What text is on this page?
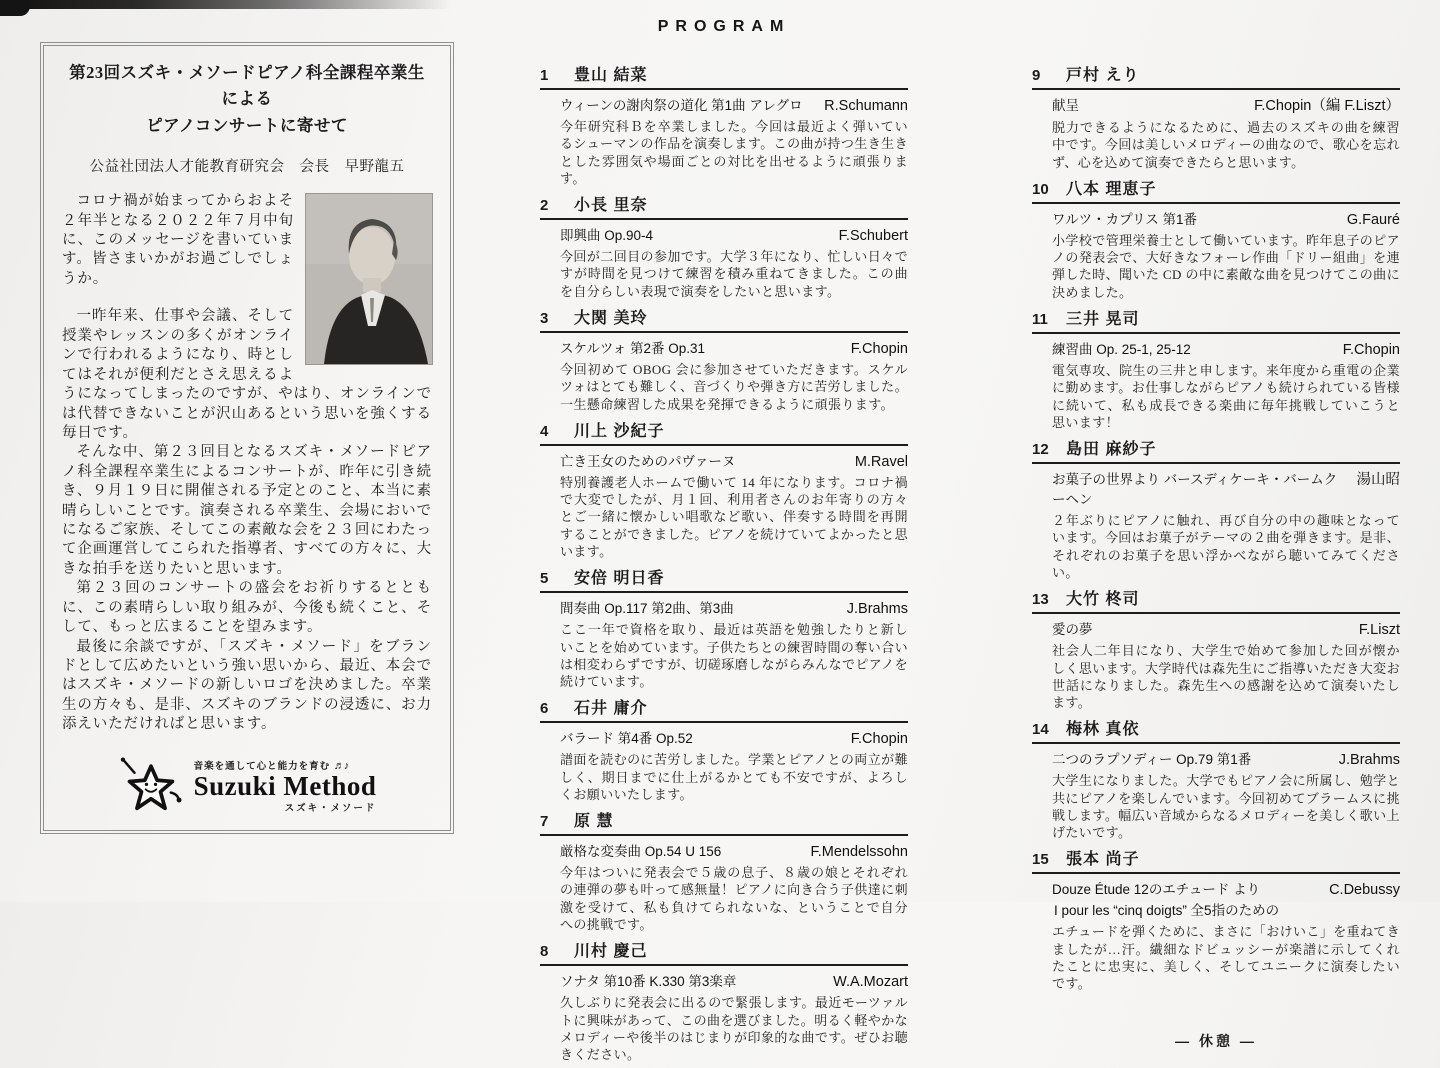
第23回スズキ・メソードピアノ科全課程卒業生による
ピアノコンサートに寄せて
公益社団法人才能教育研究会　会長　早野龍五

コロナ禍が始まってからおよそ２年半となる２０２２年７月中旬に、このメッセージを書いています。皆さまいかがお過ごしでしょうか。

一昨年来、仕事や会議、そして授業やレッスンの多くがオンラインで行われるようになり、時としてはそれが便利だとさえ思えるようになってしまったのですが、やはり、オンラインでは代替できないことが沢山あるという思いを強くする毎日です。

そんな中、第２３回目となるスズキ・メソードピアノ科全課程卒業生によるコンサートが、昨年に引き続き、９月１９日に開催される予定とのこと、本当に素晴らしいことです。演奏される卒業生、会場においでになるご家族、そしてこの素敵な会を２３回にわたって企画運営してこられた指導者、すべての方々に、大きな拍手を送りたいと思います。

第２３回のコンサートの盛会をお祈りするとともに、この素晴らしい取り組みが、今後も続くこと、そして、もっと広まることを望みます。

最後に余談ですが、「スズキ・メソード」をブランドとして広めたいという強い思いから、最近、本会ではスズキ・メソードの新しいロゴを決めました。卒業生の方々も、是非、スズキのブランドの浸透に、お力添えいただければと思います。

音楽を通して心と能力を育む ♬♪
Suzuki Method
スズキ・メソード
PROGRAM
1	豊山 結菜
ウィーンの謝肉祭の道化 第1曲 アレグロ R.Schumann
今年研究科Ｂを卒業しました。今回は最近よく弾いているシューマンの作品を演奏します。この曲が持つ生き生きとした雰囲気や場面ごとの対比を出せるように頑張ります。
2	小長 里奈
即興曲 Op.90-4	F.Schubert
今回が二回目の参加です。大学３年になり、忙しい日々ですが時間を見つけて練習を積み重ねてきました。この曲を自分らしい表現で演奏をしたいと思います。
3	大関 美玲
スケルツォ 第2番 Op.31	F.Chopin
今回初めて OBOG 会に参加させていただきます。スケルツォはとても難しく、音づくりや弾き方に苦労しました。一生懸命練習した成果を発揮できるように頑張ります。
4	川上 沙紀子
亡き王女のためのパヴァーヌ	M.Ravel
特別養護老人ホームで働いて 14 年になります。コロナ禍で大変でしたが、月１回、利用者さんのお年寄りの方々とご一緒に懐かしい唱歌など歌い、伴奏する時間を再開することができました。ピアノを続けていてよかったと思います。
5	安倍 明日香
間奏曲 Op.117 第2曲、第3曲	J.Brahms
ここ一年で資格を取り、最近は英語を勉強したりと新しいことを始めています。子供たちとの練習時間の奪い合いは相変わらずですが、切磋琢磨しながらみんなでピアノを続けています。
6	石井 庸介
バラード 第4番 Op.52	F.Chopin
譜面を読むのに苦労しました。学業とピアノとの両立が難しく、期日までに仕上がるかとても不安ですが、よろしくお願いいたします。
7	原 慧
厳格な変奏曲 Op.54 U 156	F.Mendelssohn
今年はついに発表会で５歳の息子、８歳の娘とそれぞれの連弾の夢も叶って感無量！ピアノに向き合う子供達に刺激を受けて、私も負けてられないな、ということで自分への挑戦です。
8	川村 慶己
ソナタ 第10番 K.330 第3楽章	W.A.Mozart
久しぶりに発表会に出るので緊張します。最近モーツァルトに興味があって、この曲を選びました。明るく軽やかなメロディーや後半のはじまりが印象的な曲です。ぜひお聴きください。
9	戸村 えり
献呈	F.Chopin（編 F.Liszt）
脱力できるようになるために、過去のスズキの曲を練習中です。今回は美しいメロディーの曲なので、歌心を忘れず、心を込めて演奏できたらと思います。
10	八本 理恵子
ワルツ・カプリス 第1番	G.Fauré
小学校で管理栄養士として働いています。昨年息子のピアノの発表会で、大好きなフォーレ作曲「ドリー組曲」を連弾した時、聞いた CD の中に素敵な曲を見つけてこの曲に決めました。
11	三井 晃司
練習曲 Op. 25-1, 25-12	F.Chopin
電気専攻、院生の三井と申します。来年度から重電の企業に勤めます。お仕事しながらピアノも続けられている皆様に続いて、私も成長できる楽曲に毎年挑戦していこうと思います！
12	島田 麻紗子
お菓子の世界より バースディケーキ・バームクーヘン
湯山昭
２年ぶりにピアノに触れ、再び自分の中の趣味となっています。今回はお菓子がテーマの２曲を弾きます。是非、それぞれのお菓子を思い浮かべながら聴いてみてください。
13	大竹 柊司
愛の夢	F.Liszt
社会人二年目になり、大学生で始めて参加した回が懐かしく思います。大学時代は森先生にご指導いただき大変お世話になりました。森先生への感謝を込めて演奏いたします。
14	梅林 真依
二つのラプソディー Op.79 第1番	J.Brahms
大学生になりました。大学でもピアノ会に所属し、勉学と共にピアノを楽しんでいます。今回初めてブラームスに挑戦します。幅広い音域からなるメロディーを美しく歌い上げたいです。
15	張本 尚子
Douze Étude 12のエチュード より	C.Debussy
I pour les “cinq doigts” 全5指のための
エチュードを弾くために、まさに「おけいこ」を重ねてきましたが…汗。繊細なドビュッシーが楽譜に示してくれたことに忠実に、美しく、そしてユニークに演奏したいです。
— 休憩 —
